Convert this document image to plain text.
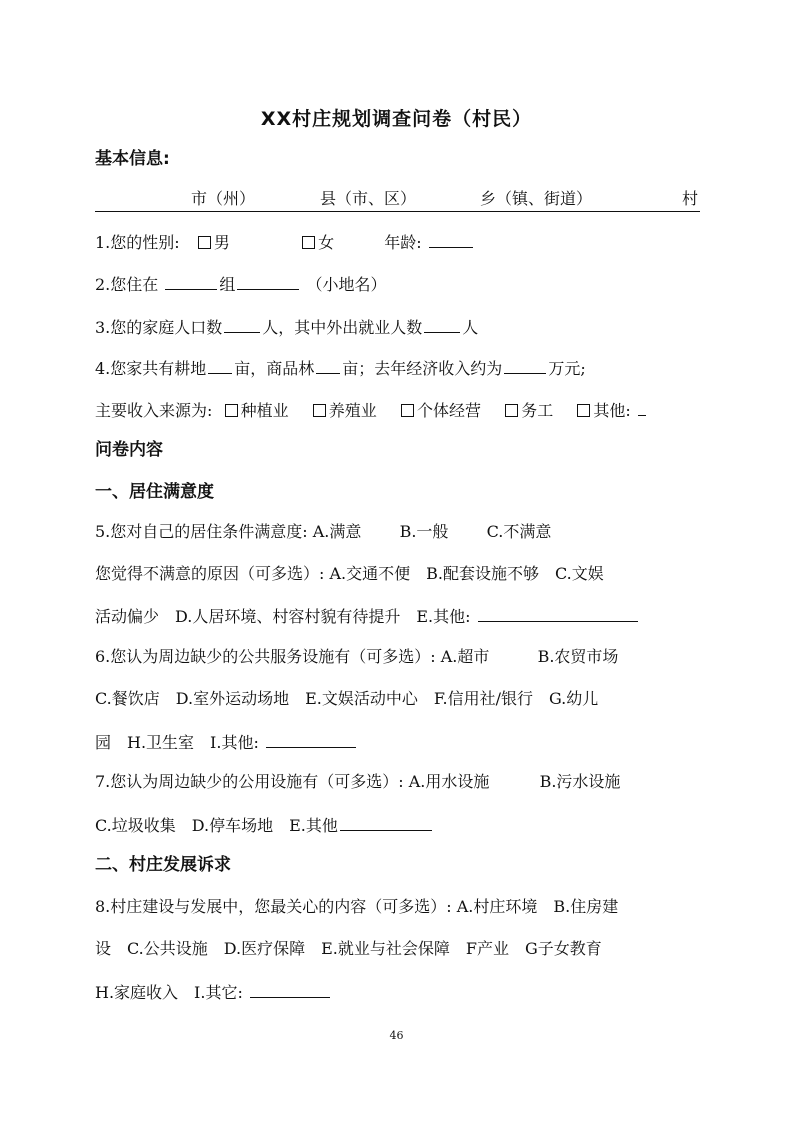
XX村庄规划调查问卷（村民）
基本信息:
市（州）	县（市、区）	乡（镇、街道）	村
1.您的性别: 男	女	年龄:
2.您住在	组	（小地名）
3.您的家庭人口数	人，其中外出就业人数	人
4.您家共有耕地 亩，商品林 亩；去年经济收入约为	万元;
主要收入来源为: 种植业	养殖业	个体经营	务工	其他:
问卷内容
一、居住满意度
5.您对自己的居住条件满意度: A.满意 B.一般 C.不满意
您觉得不满意的原因（可多选）: A.交通不便　B.配套设施不够　C.文娱
活动偏少　D.人居环境、村容村貌有待提升　E.其他:
6.您认为周边缺少的公共服务设施有（可多选）: A.超市	B.农贸市场
C.餐饮店　D.室外运动场地　E.文娱活动中心　F.信用社/银行　G.幼儿
园　H.卫生室　I.其他:
7.您认为周边缺少的公用设施有（可多选）: A.用水设施	B.污水设施
C.垃圾收集　D.停车场地　E.其他
二、村庄发展诉求
8.村庄建设与发展中，您最关心的内容（可多选）: A.村庄环境　B.住房建
设　C.公共设施　D.医疗保障　E.就业与社会保障　F产业　G子女教育
H.家庭收入　I.其它:
46
